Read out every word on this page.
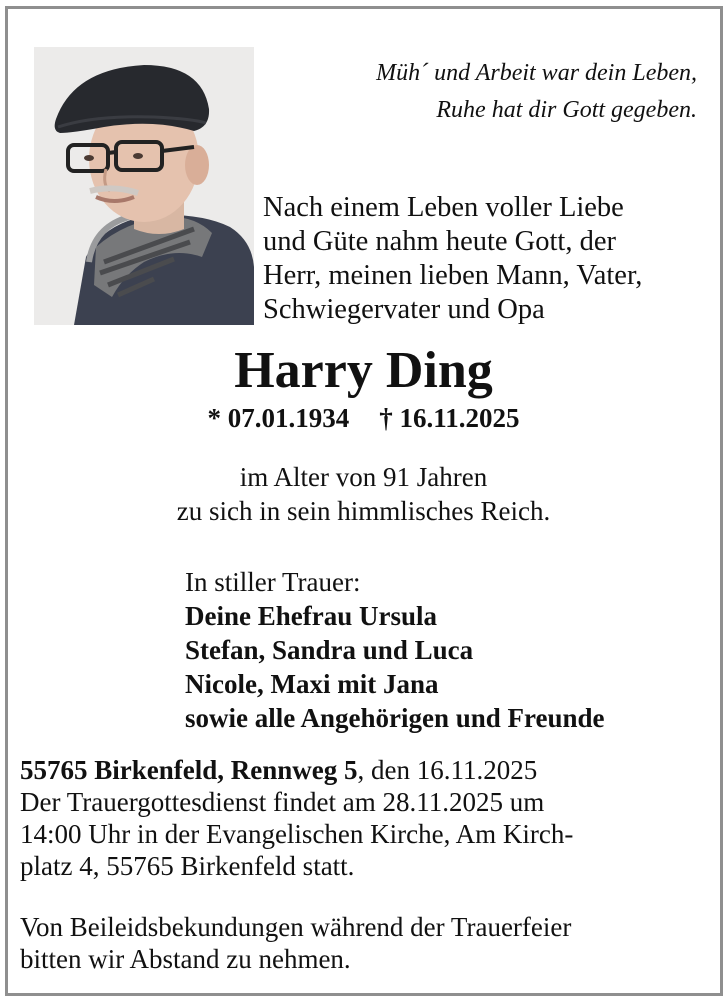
Müh´ und Arbeit war dein Leben,
Ruhe hat dir Gott gegeben.
Nach einem Leben voller Liebe
und Güte nahm heute Gott, der
Herr, meinen lieben Mann, Vater,
Schwiegervater und Opa
Harry Ding
* 07.01.1934 † 16.11.2025
im Alter von 91 Jahren
zu sich in sein himmlisches Reich.
In stiller Trauer:
Deine Ehefrau Ursula
Stefan, Sandra und Luca
Nicole, Maxi mit Jana
sowie alle Angehörigen und Freunde
55765 Birkenfeld, Rennweg 5, den 16.11.2025
Der Trauergottesdienst findet am 28.11.2025 um
14:00 Uhr in der Evangelischen Kirche, Am Kirch-
platz 4, 55765 Birkenfeld statt.
Von Beileidsbekundungen während der Trauerfeier
bitten wir Abstand zu nehmen.
